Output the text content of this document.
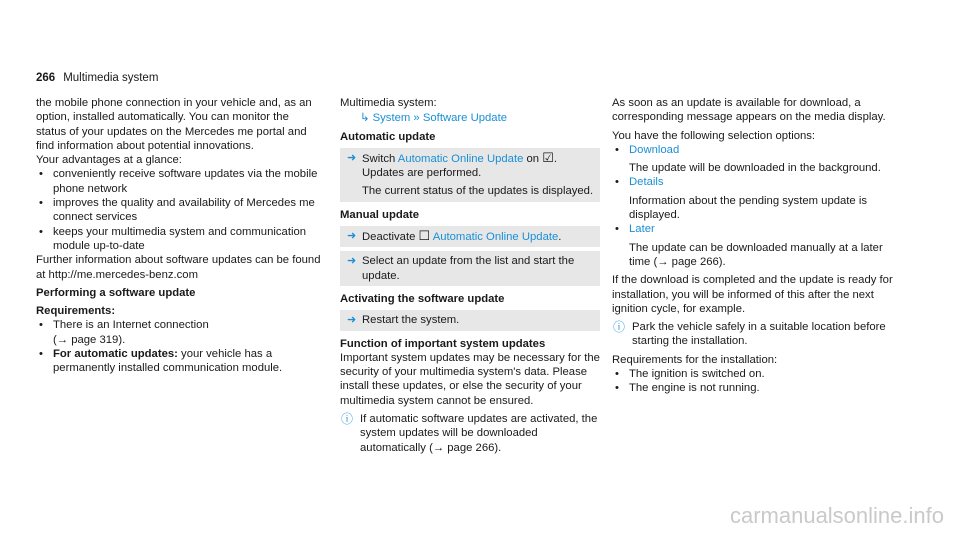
266 Multimedia system

the mobile phone connection in your vehicle and, as an option, installed automatically. You can monitor the status of your updates on the Mercedes me portal and find information about potential innovations.

Your advantages at a glance:

• conveniently receive software updates via the mobile phone network
• improves the quality and availability of Mercedes me connect services
• keeps your multimedia system and communication module up-to-date

Further information about software updates can be found at http://me.mercedes-benz.com

Performing a software update

Requirements:

• There is an Internet connection
(→ page 319).
• For automatic updates: your vehicle has a permanently installed communication module.

Multimedia system:

↳ System » Software Update

Automatic update

➜ Switch Automatic Online Update on ☑.
Updates are performed.
The current status of the updates is displayed.

Manual update

➜ Deactivate ☐ Automatic Online Update.
➜ Select an update from the list and start the update.

Activating the software update

➜ Restart the system.

Function of important system updates

Important system updates may be necessary for the security of your multimedia system's data. Please install these updates, or else the security of your multimedia system cannot be ensured.

ⓘ If automatic software updates are activated, the system updates will be downloaded automatically (→ page 266).

As soon as an update is available for download, a corresponding message appears on the media display.

You have the following selection options:

• Download
The update will be downloaded in the background.
• Details
Information about the pending system update is displayed.
• Later
The update can be downloaded manually at a later time (→ page 266).

If the download is completed and the update is ready for installation, you will be informed of this after the next ignition cycle, for example.

ⓘ Park the vehicle safely in a suitable location before starting the installation.

Requirements for the installation:

• The ignition is switched on.
• The engine is not running.
carmanualsonline.info
